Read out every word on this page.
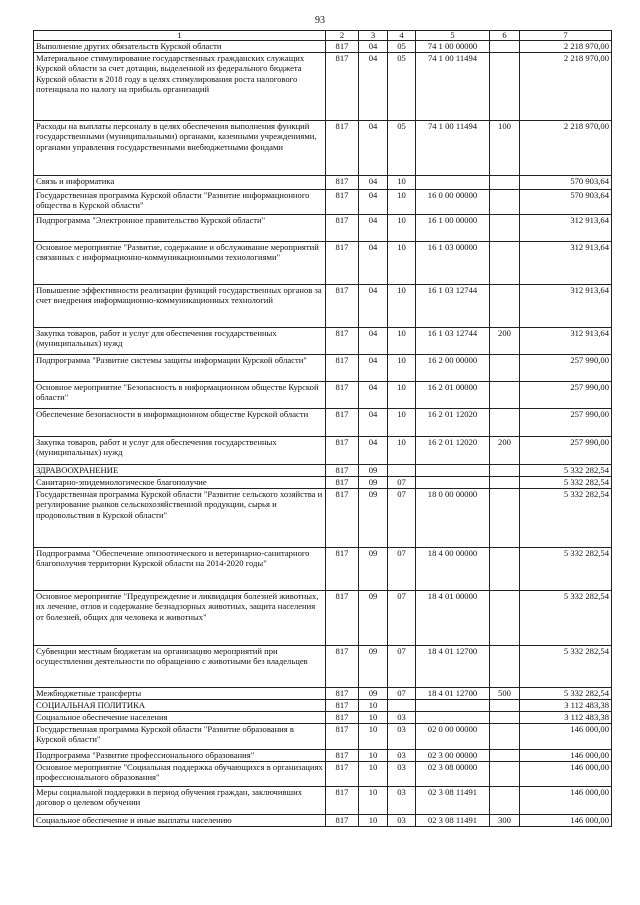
93
1	2	3	4	5	6	7
Выполнение других обязательств Курской области	817	04	05	74 1 00 00000		2 218 970,00
Материальное стимулирование государственных гражданских служащих Курской области за счет дотации, выделенной из федерального бюджета Курской области в 2018 году в целях стимулирования роста налогового потенциала по налогу на прибыль организаций	817	04	05	74 1 00 11494		2 218 970,00
Расходы на выплаты персоналу в целях обеспечения выполнения функций государственными (муниципальными) органами, казенными учреждениями, органами управления государственными внебюджетными фондами	817	04	05	74 1 00 11494	100	2 218 970,00
Связь и информатика	817	04	10			570 903,64
Государственная программа Курской области "Развитие информационного общества в Курской области"	817	04	10	16 0 00 00000		570 903,64
Подпрограмма "Электронное правительство Курской области"	817	04	10	16 1 00 00000		312 913,64
Основное мероприятие "Развитие, содержание и обслуживание мероприятий связанных с информационно-коммуникационными технологиями"	817	04	10	16 1 03 00000		312 913,64
Повышение эффективности реализации функций государственных органов за счет внедрения информационно-коммуникационных технологий	817	04	10	16 1 03 12744		312 913,64
Закупка товаров, работ и услуг для обеспечения государственных (муниципальных) нужд	817	04	10	16 1 03 12744	200	312 913,64
Подпрограмма "Развитие системы защиты информации Курской области"	817	04	10	16 2 00 00000		257 990,00
Основное мероприятие "Безопасность в информационном обществе Курской области"	817	04	10	16 2 01 00000		257 990,00
Обеспечение безопасности в информационном обществе Курской области	817	04	10	16 2 01 12020		257 990,00
Закупка товаров, работ и услуг для обеспечения государственных (муниципальных) нужд	817	04	10	16 2 01 12020	200	257 990,00
ЗДРАВООХРАНЕНИЕ	817	09				5 332 282,54
Санитарно-эпидемиологическое благополучие	817	09	07			5 332 282,54
Государственная программа Курской области "Развитие сельского хозяйства и регулирование рынков сельскохозяйственной продукции, сырья и продовольствия в Курской области"	817	09	07	18 0 00 00000		5 332 282,54
Подпрограмма "Обеспечение эпизоотического и ветеринарно-санитарного благополучия территории Курской области на 2014-2020 годы"	817	09	07	18 4 00 00000		5 332 282,54
Основное мероприятие "Предупреждение и ликвидация болезней животных, их лечение, отлов и содержание безнадзорных животных, защита населения от болезней, общих для человека и животных"	817	09	07	18 4 01 00000		5 332 282,54
Субвенции местным бюджетам на организацию мероприятий при осуществлении деятельности по обращению с животными без владельцев	817	09	07	18 4 01 12700		5 332 282,54
Межбюджетные трансферты	817	09	07	18 4 01 12700	500	5 332 282,54
СОЦИАЛЬНАЯ ПОЛИТИКА	817	10				3 112 483,38
Социальное обеспечение населения	817	10	03			3 112 483,38
Государственная программа Курской области "Развитие образования в Курской области"	817	10	03	02 0 00 00000		146 000,00
Подпрограмма "Развитие профессионального образования"	817	10	03	02 3 00 00000		146 000,00
Основное мероприятие "Социальная поддержка обучающихся в организациях профессионального образования"	817	10	03	02 3 08 00000		146 000,00
Меры социальной поддержки в период обучения граждан, заключивших договор о целевом обучении	817	10	03	02 3 08 11491		146 000,00
Социальное обеспечение и иные выплаты населению	817	10	03	02 3 08 11491	300	146 000,00
